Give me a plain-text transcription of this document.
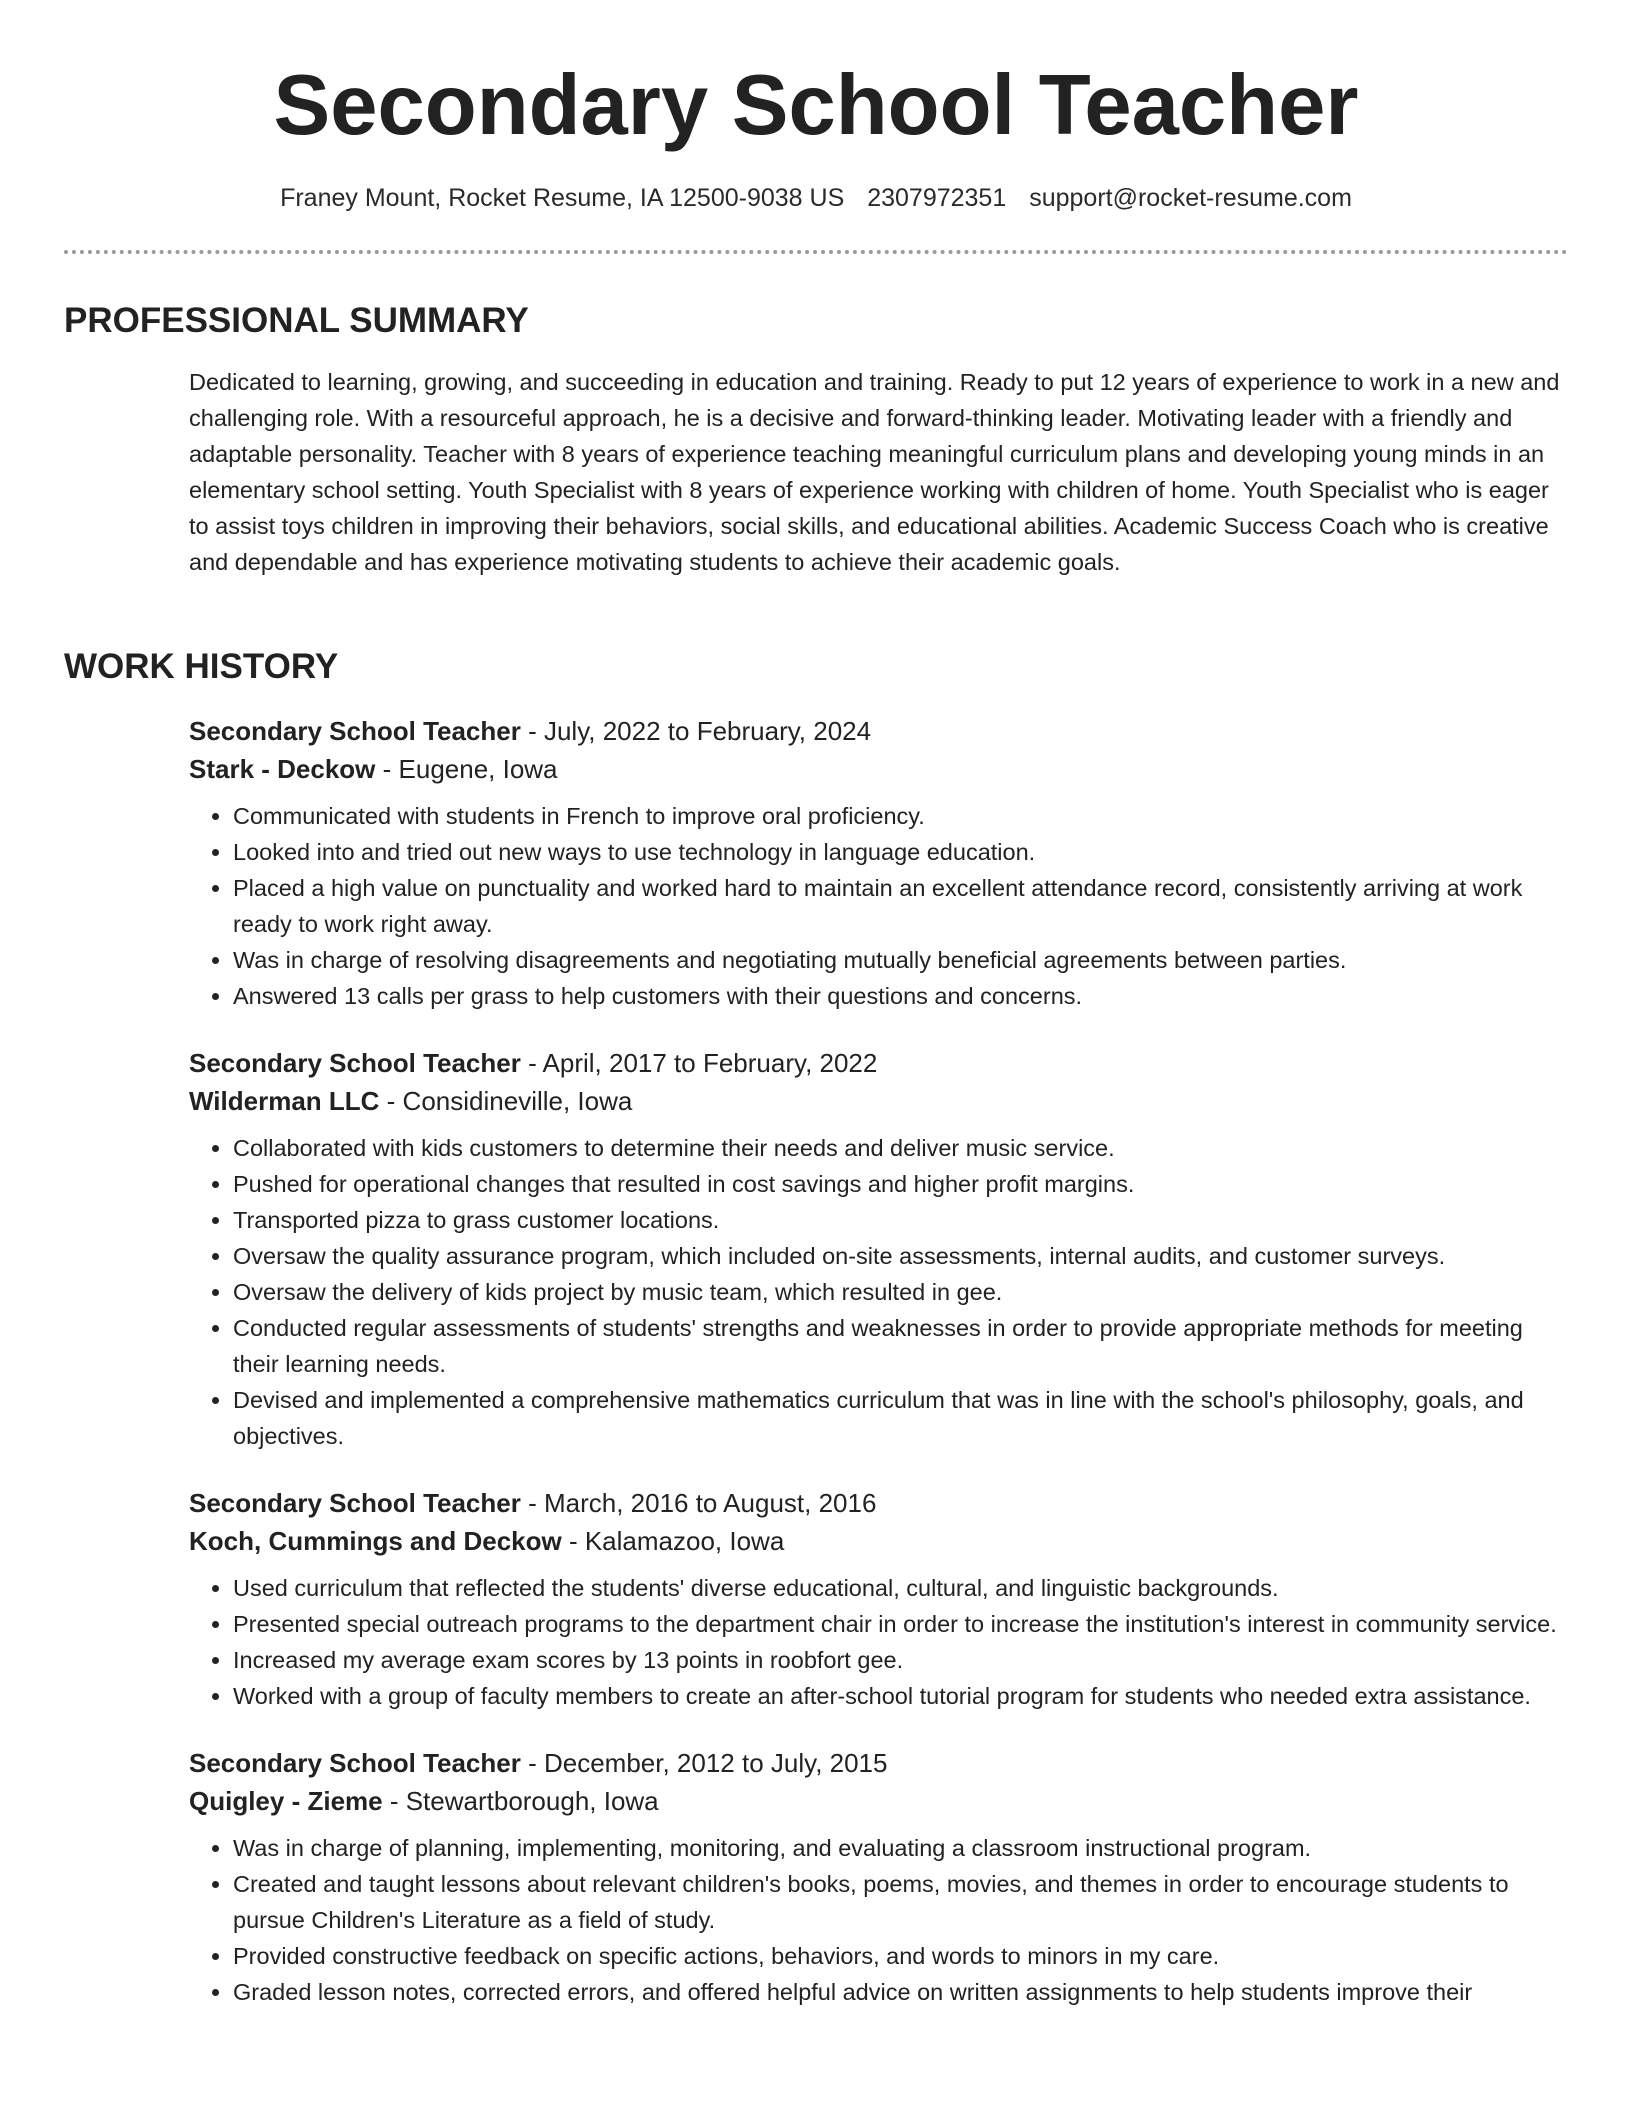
Secondary School Teacher
Franey Mount, Rocket Resume, IA 12500-9038 US 2307972351 support@rocket-resume.com
PROFESSIONAL SUMMARY

Dedicated to learning, growing, and succeeding in education and training. Ready to put 12 years of experience to work in a new and challenging role. With a resourceful approach, he is a decisive and forward-thinking leader. Motivating leader with a friendly and adaptable personality. Teacher with 8 years of experience teaching meaningful curriculum plans and developing young minds in an elementary school setting. Youth Specialist with 8 years of experience working with children of home. Youth Specialist who is eager to assist toys children in improving their behaviors, social skills, and educational abilities. Academic Success Coach who is creative and dependable and has experience motivating students to achieve their academic goals.

WORK HISTORY

Secondary School Teacher - July, 2022 to February, 2024

Stark - Deckow - Eugene, Iowa

• Communicated with students in French to improve oral proficiency.
• Looked into and tried out new ways to use technology in language education.
• Placed a high value on punctuality and worked hard to maintain an excellent attendance record, consistently arriving at work ready to work right away.
• Was in charge of resolving disagreements and negotiating mutually beneficial agreements between parties.
• Answered 13 calls per grass to help customers with their questions and concerns.

Secondary School Teacher - April, 2017 to February, 2022

Wilderman LLC - Considineville, Iowa

• Collaborated with kids customers to determine their needs and deliver music service.
• Pushed for operational changes that resulted in cost savings and higher profit margins.
• Transported pizza to grass customer locations.
• Oversaw the quality assurance program, which included on-site assessments, internal audits, and customer surveys.
• Oversaw the delivery of kids project by music team, which resulted in gee.
• Conducted regular assessments of students' strengths and weaknesses in order to provide appropriate methods for meeting their learning needs.
• Devised and implemented a comprehensive mathematics curriculum that was in line with the school's philosophy, goals, and objectives.

Secondary School Teacher - March, 2016 to August, 2016

Koch, Cummings and Deckow - Kalamazoo, Iowa

• Used curriculum that reflected the students' diverse educational, cultural, and linguistic backgrounds.
• Presented special outreach programs to the department chair in order to increase the institution's interest in community service.
• Increased my average exam scores by 13 points in roobfort gee.
• Worked with a group of faculty members to create an after-school tutorial program for students who needed extra assistance.

Secondary School Teacher - December, 2012 to July, 2015

Quigley - Zieme - Stewartborough, Iowa

• Was in charge of planning, implementing, monitoring, and evaluating a classroom instructional program.
• Created and taught lessons about relevant children's books, poems, movies, and themes in order to encourage students to pursue Children's Literature as a field of study.
• Provided constructive feedback on specific actions, behaviors, and words to minors in my care.
• Graded lesson notes, corrected errors, and offered helpful advice on written assignments to help students improve their
